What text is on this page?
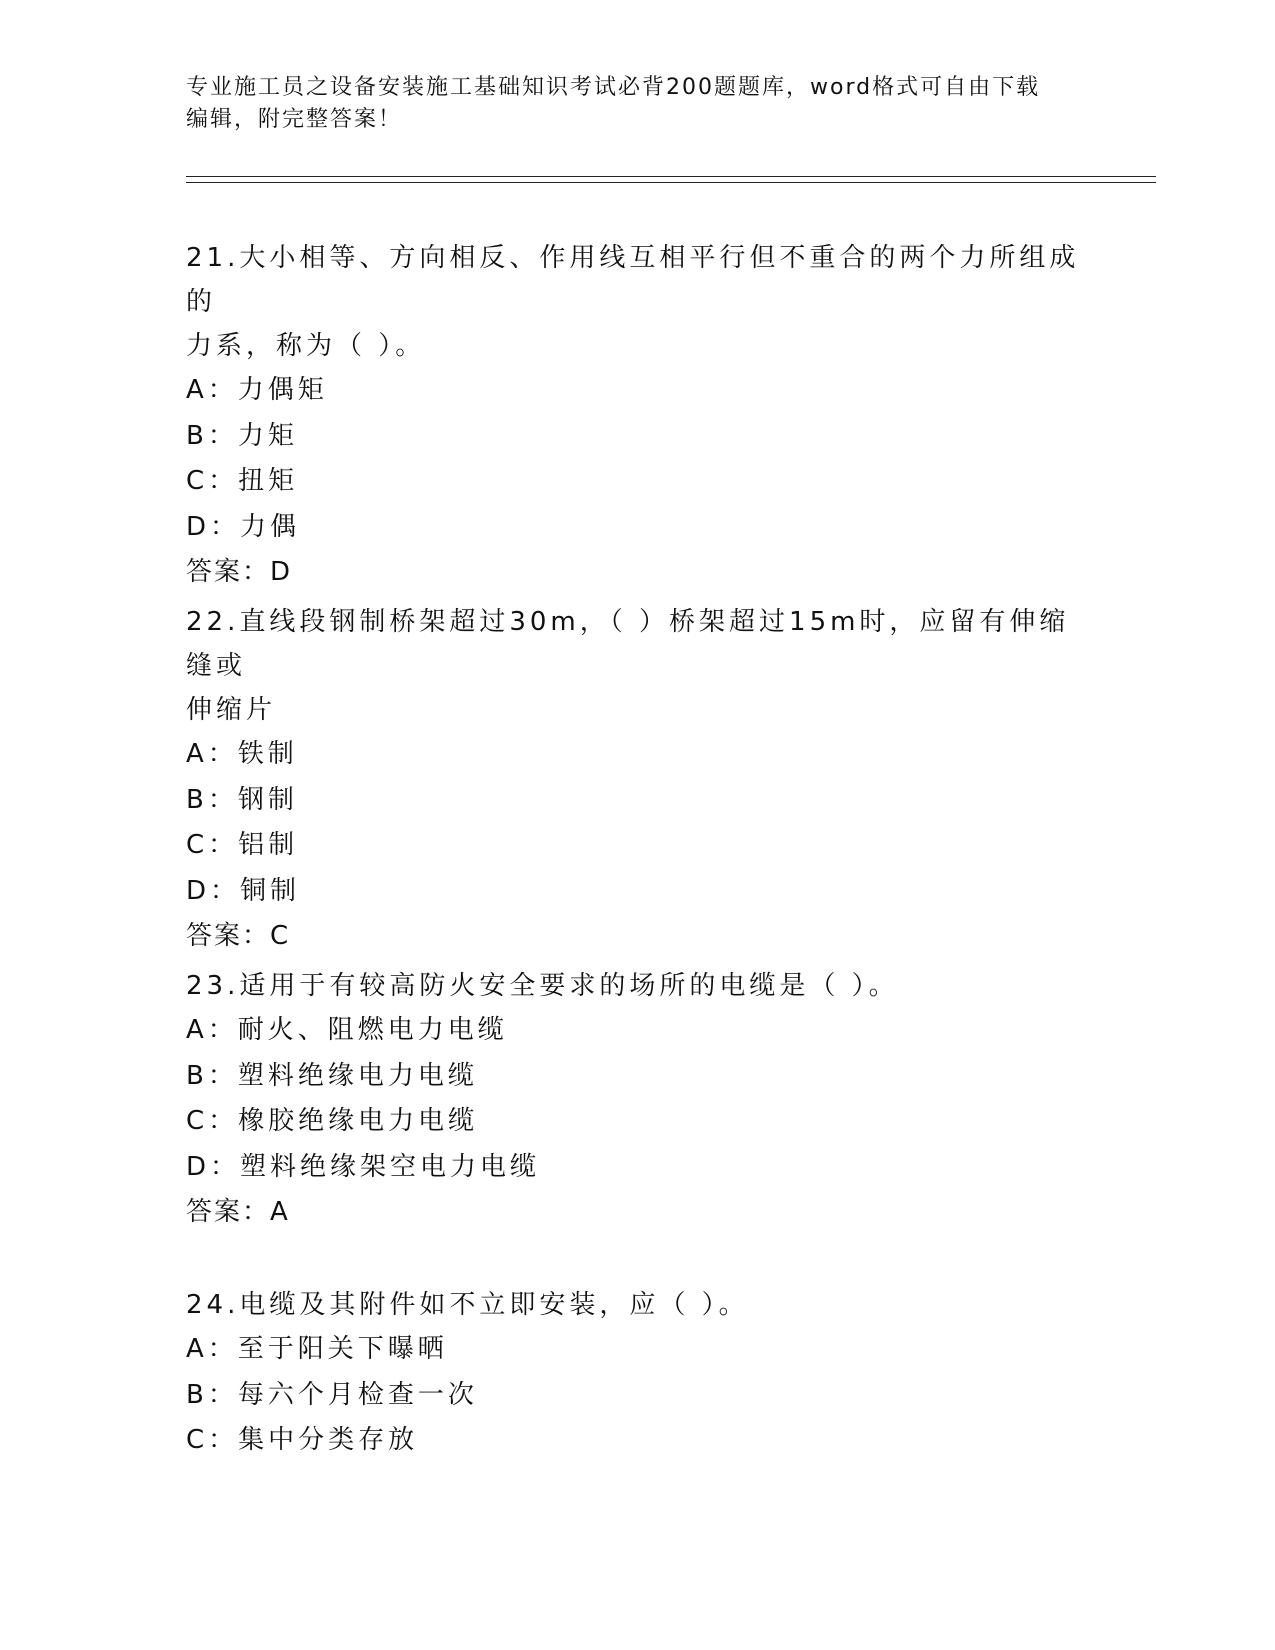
专业施工员之设备安装施工基础知识考试必背200题题库，word格式可自由下载

编辑，附完整答案！

21.大小相等、方向相反、作用线互相平行但不重合的两个力所组成的

力系，称为（ ）。

A：力偶矩

B：力矩

C：扭矩

D：力偶

答案：D

22.直线段钢制桥架超过30m，（ ）桥架超过15m时，应留有伸缩缝或

伸缩片

A：铁制

B：钢制

C：铝制

D：铜制

答案：C

23.适用于有较高防火安全要求的场所的电缆是（ ）。

A：耐火、阻燃电力电缆

B：塑料绝缘电力电缆

C：橡胶绝缘电力电缆

D：塑料绝缘架空电力电缆

答案：A

24.电缆及其附件如不立即安装，应（ ）。

A：至于阳关下曝晒

B：每六个月检查一次

C：集中分类存放
